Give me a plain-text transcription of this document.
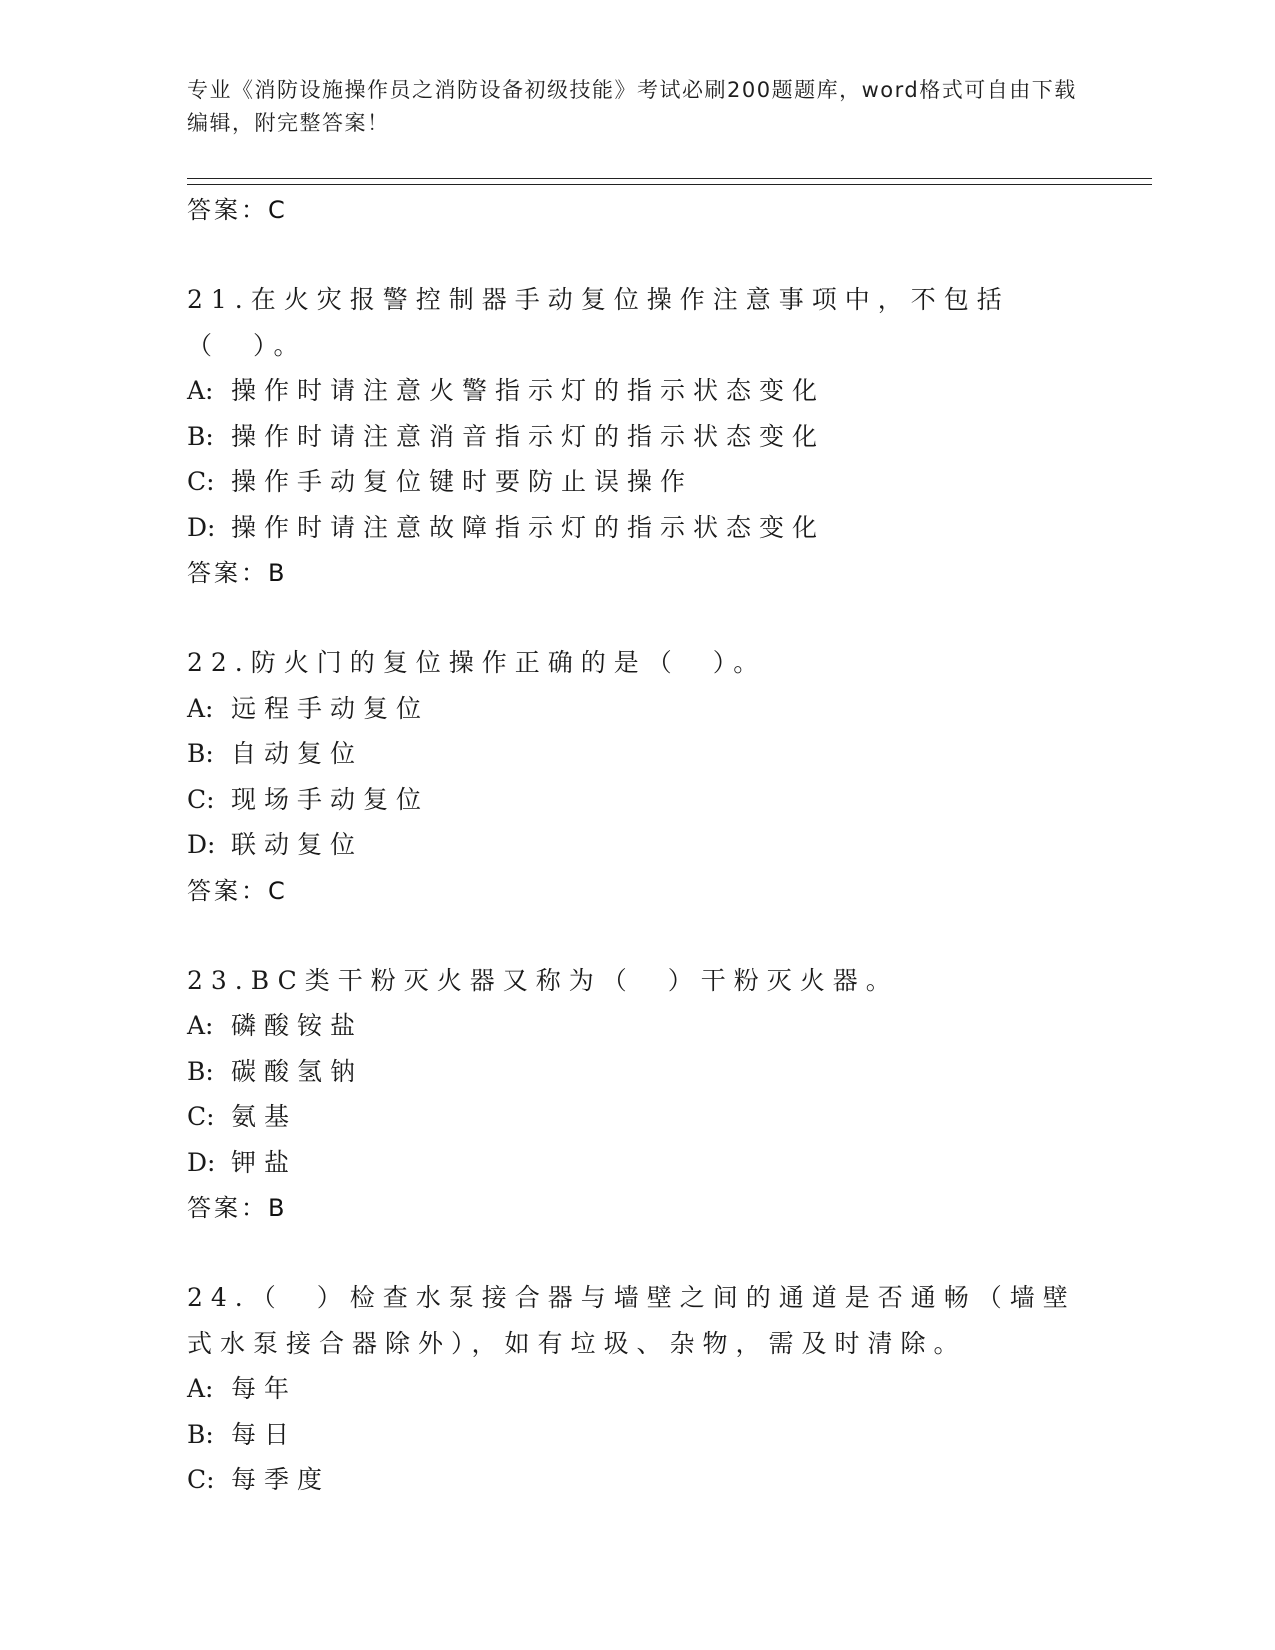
专业《消防设施操作员之消防设备初级技能》考试必刷200题题库，word格式可自由下载编辑，附完整答案！
答案：C
21.在火灾报警控制器手动复位操作注意事项中，不包括（　）。
A: 操作时请注意火警指示灯的指示状态变化
B: 操作时请注意消音指示灯的指示状态变化
C: 操作手动复位键时要防止误操作
D: 操作时请注意故障指示灯的指示状态变化
答案：B
22.防火门的复位操作正确的是（　）。
A: 远程手动复位
B: 自动复位
C: 现场手动复位
D: 联动复位
答案：C
23.BC类干粉灭火器又称为（　）干粉灭火器。
A: 磷酸铵盐
B: 碳酸氢钠
C: 氨基
D: 钾盐
答案：B
24.（　）检查水泵接合器与墙壁之间的通道是否通畅（墙壁式水泵接合器除外），如有垃圾、杂物，需及时清除。
A: 每年
B: 每日
C: 每季度
